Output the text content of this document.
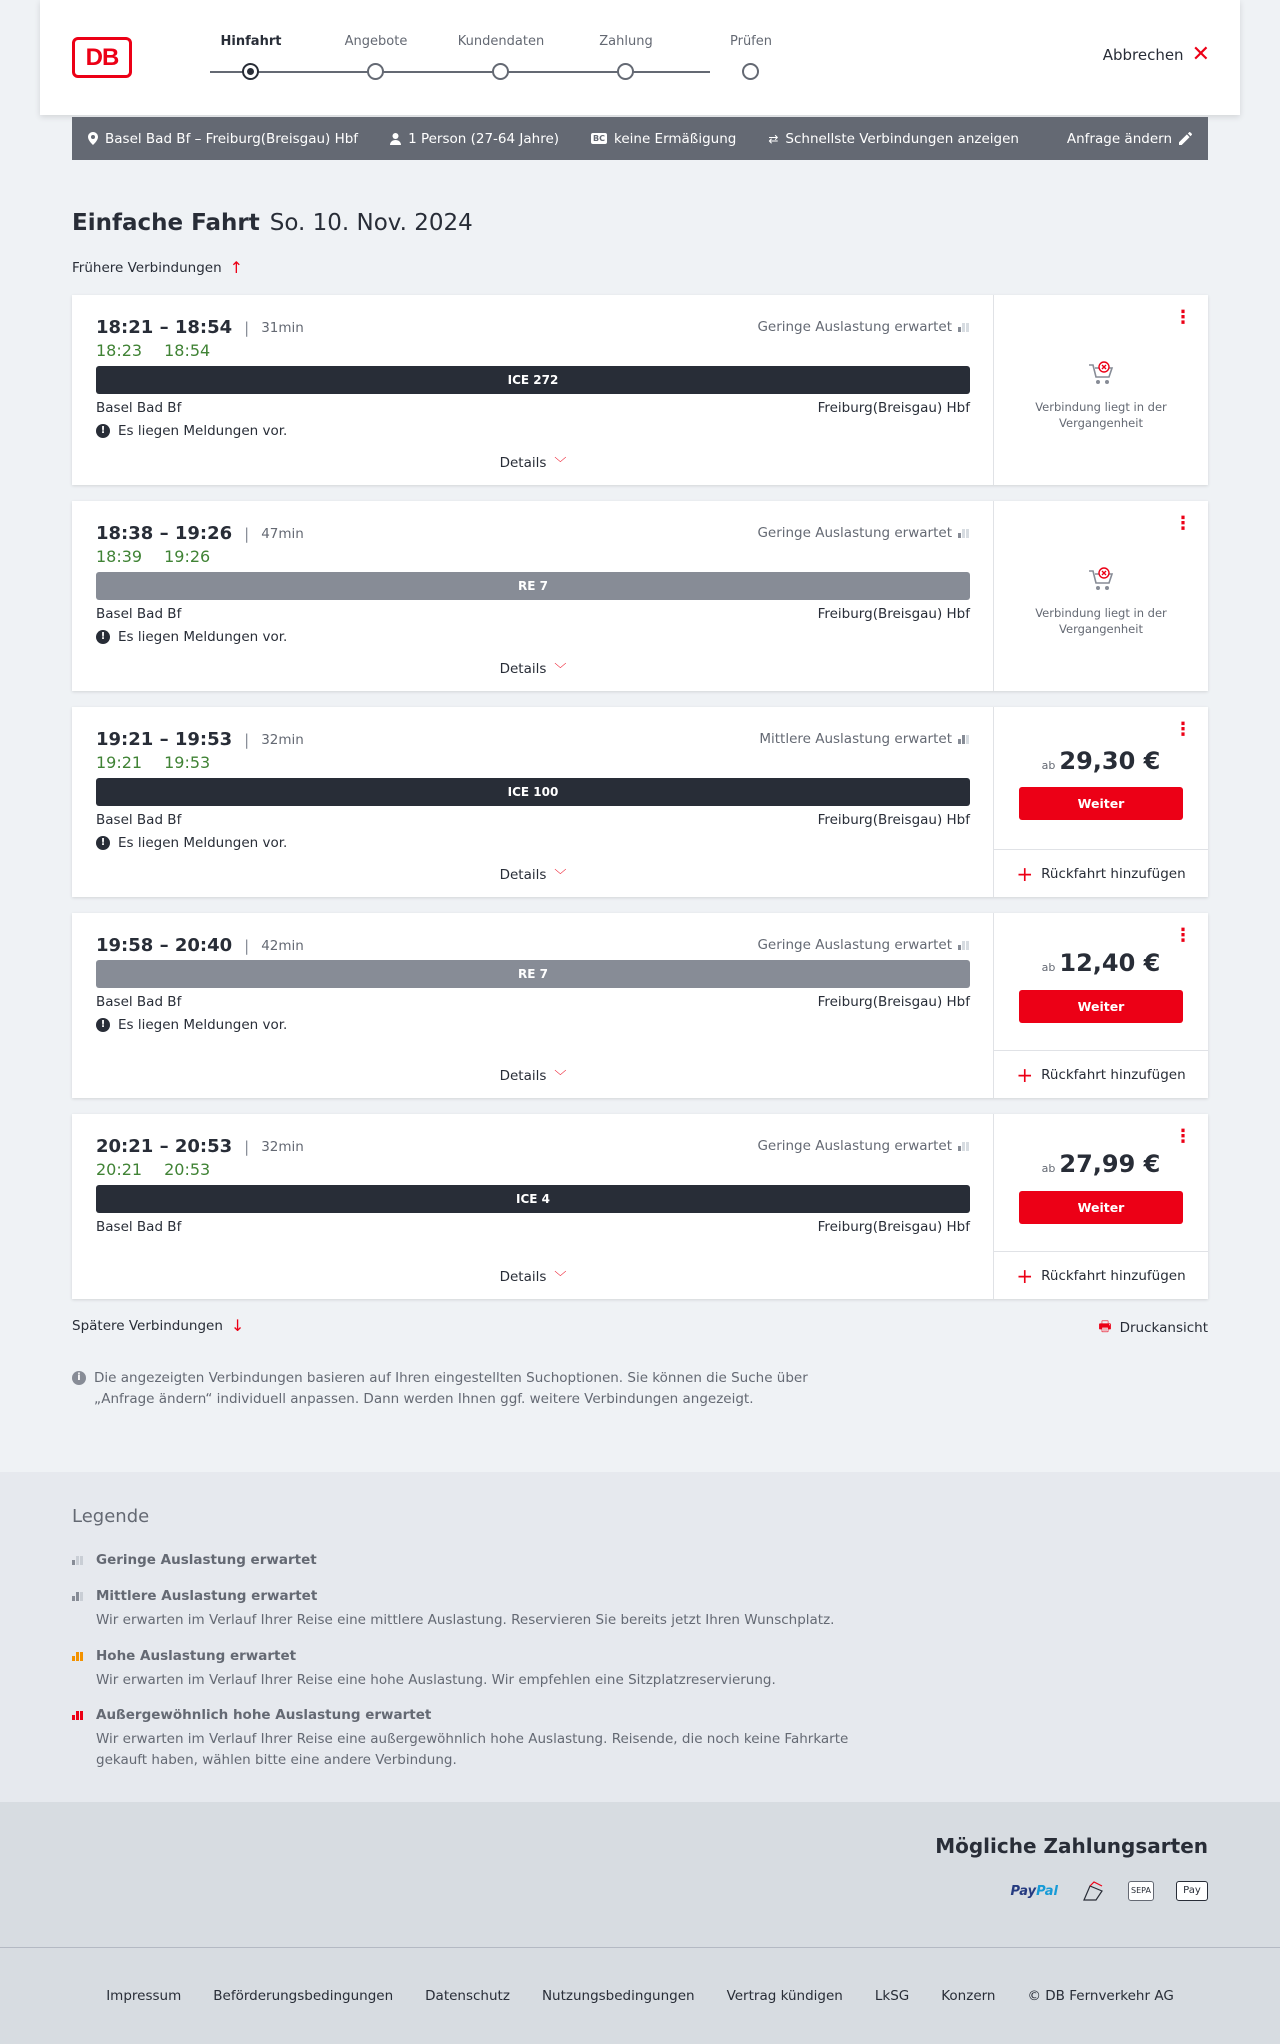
DB
Hinfahrt	Angebote	Kundendaten	Zahlung	Prüfen
Abbrechen ✕
Basel Bad Bf – Freiburg(Breisgau) Hbf	1 Person (27-64 Jahre)	BC keine Ermäßigung	⇄ Schnellste Verbindungen anzeigen	Anfrage ändern
Einfache Fahrt So. 10. Nov. 2024
Frühere Verbindungen ↑
18:21 – 18:54 | 31min
18:23 18:54
Geringe Auslastung erwartet
ICE 272
Basel Bad Bf	Freiburg(Breisgau) Hbf
! Es liegen Meldungen vor.
Details ﹀
⋮
Verbindung liegt in der Vergangenheit
18:38 – 19:26 | 47min
18:39 19:26
Geringe Auslastung erwartet
RE 7
Basel Bad Bf	Freiburg(Breisgau) Hbf
! Es liegen Meldungen vor.
Details ﹀
⋮
Verbindung liegt in der Vergangenheit
19:21 – 19:53 | 32min
19:21 19:53
Mittlere Auslastung erwartet
ICE 100
Basel Bad Bf	Freiburg(Breisgau) Hbf
! Es liegen Meldungen vor.
Details ﹀
⋮
ab 29,30 €
Weiter
+ Rückfahrt hinzufügen
19:58 – 20:40 | 42min	Geringe Auslastung erwartet
RE 7
Basel Bad Bf	Freiburg(Breisgau) Hbf
! Es liegen Meldungen vor.
Details ﹀
⋮
ab 12,40 €
Weiter
+ Rückfahrt hinzufügen
20:21 – 20:53 | 32min
20:21 20:53
Geringe Auslastung erwartet
ICE 4
Basel Bad Bf	Freiburg(Breisgau) Hbf
Details ﹀
⋮
ab 27,99 €
Weiter
+ Rückfahrt hinzufügen
Spätere Verbindungen ↓	🖶 Druckansicht
i Die angezeigten Verbindungen basieren auf Ihren eingestellten Suchoptionen. Sie können die Suche über „Anfrage ändern“ individuell anpassen. Dann werden Ihnen ggf. weitere Verbindungen angezeigt.
Legende
Geringe Auslastung erwartet
Mittlere Auslastung erwartet
Wir erwarten im Verlauf Ihrer Reise eine mittlere Auslastung. Reservieren Sie bereits jetzt Ihren Wunschplatz.
Hohe Auslastung erwartet
Wir erwarten im Verlauf Ihrer Reise eine hohe Auslastung. Wir empfehlen eine Sitzplatzreservierung.
Außergewöhnlich hohe Auslastung erwartet
Wir erwarten im Verlauf Ihrer Reise eine außergewöhnlich hohe Auslastung. Reisende, die noch keine Fahrkarte gekauft haben, wählen bitte eine andere Verbindung.
Mögliche Zahlungsarten
PayPal	SEPA	Pay
Impressum Beförderungsbedingungen Datenschutz Nutzungsbedingungen Vertrag kündigen LkSG Konzern © DB Fernverkehr AG
